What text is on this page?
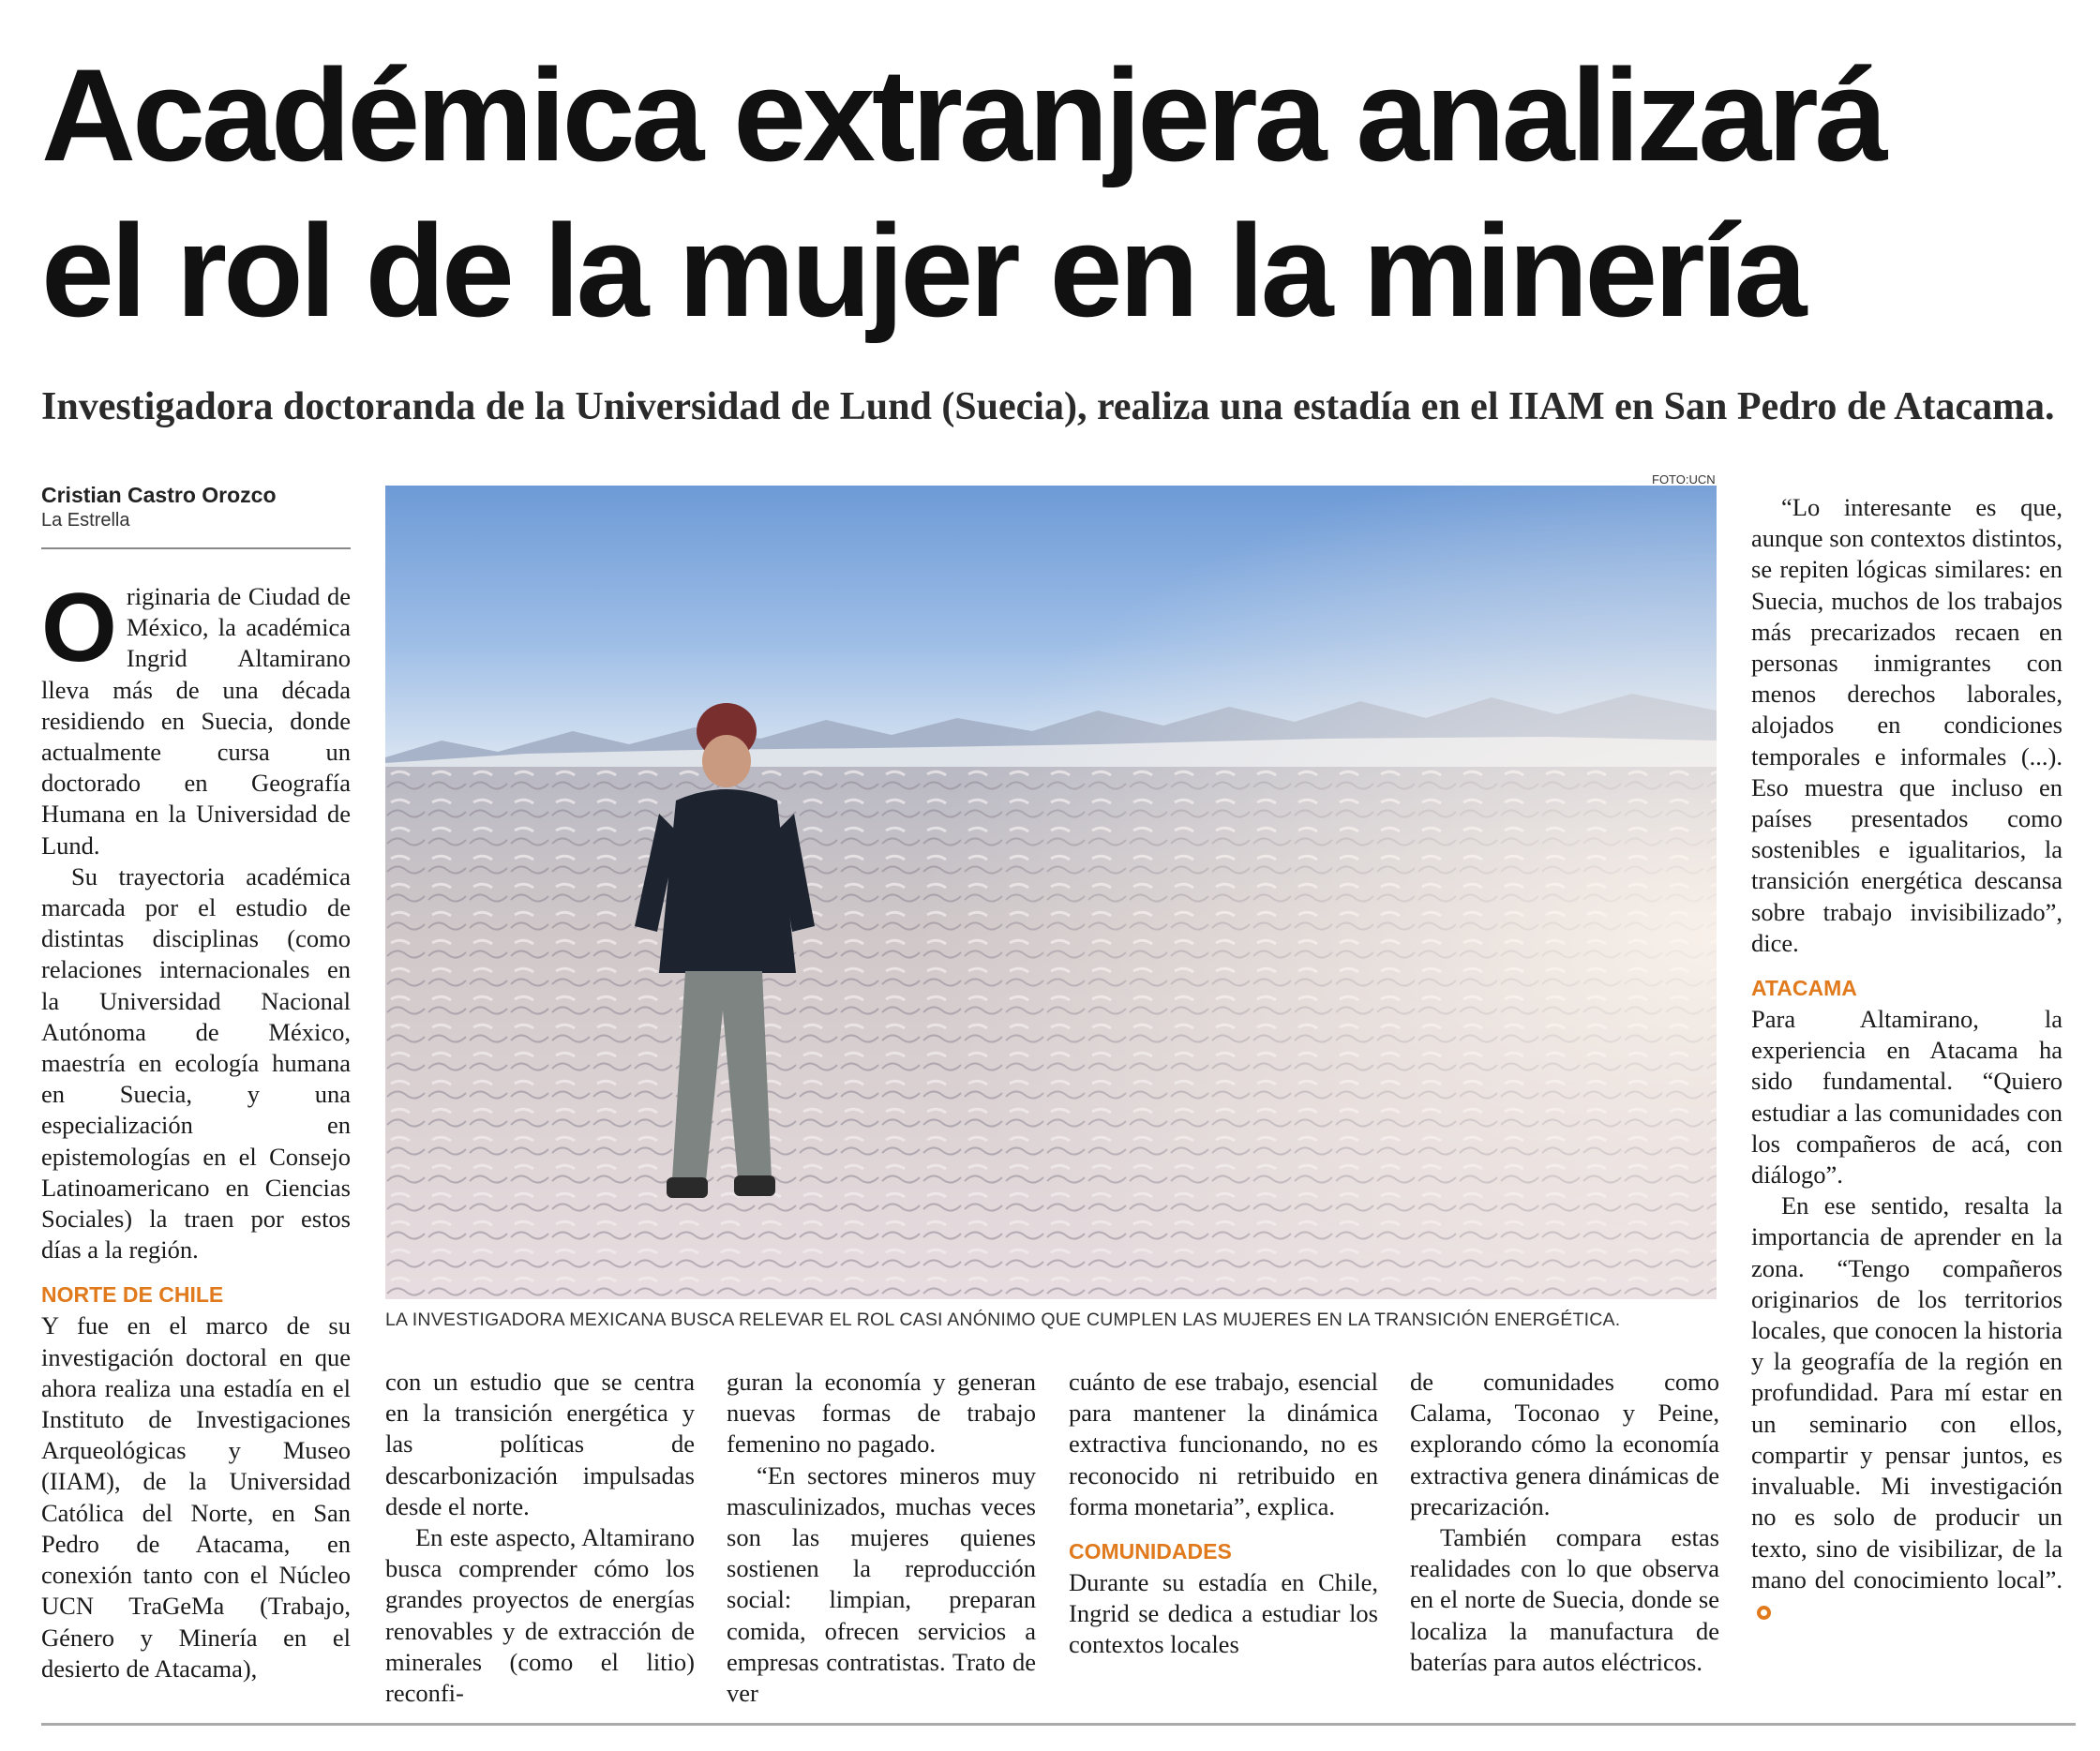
Académica extranjera analizará
el rol de la mujer en la minería
Investigadora doctoranda de la Universidad de Lund (Suecia), realiza una estadía en el IIAM en San Pedro de Atacama.
Cristian Castro Orozco
La Estrella

Originaria de Ciudad de México, la académica Ingrid Altamirano lleva más de una década residiendo en Suecia, donde actualmente cursa un doctorado en Geografía Humana en la Universidad de Lund.

Su trayectoria académica marcada por el estudio de distintas disciplinas (como relaciones internacionales en la Universidad Nacional Autónoma de México, maestría en ecología humana en Suecia, y una especialización en epistemologías en el Consejo Latinoamericano en Ciencias Sociales) la traen por estos días a la región.

NORTE DE CHILE

Y fue en el marco de su investigación doctoral en que ahora realiza una estadía en el Instituto de Investigaciones Arqueológicas y Museo (IIAM), de la Universidad Católica del Norte, en San Pedro de Atacama, en conexión tanto con el Núcleo UCN TraGeMa (Trabajo, Género y Minería en el desierto de Atacama),

con un estudio que se centra en la transición energética y las políticas de descarbonización impulsadas desde el norte.

En este aspecto, Altamirano busca comprender cómo los grandes proyectos de energías renovables y de extracción de minerales (como el litio) reconfi-

guran la economía y generan nuevas formas de trabajo femenino no pagado.

“En sectores mineros muy masculinizados, muchas veces son las mujeres quienes sostienen la reproducción social: limpian, preparan comida, ofrecen servicios a empresas contratistas. Trato de ver

cuánto de ese trabajo, esencial para mantener la dinámica extractiva funcionando, no es reconocido ni retribuido en forma monetaria”, explica.

COMUNIDADES

Durante su estadía en Chile, Ingrid se dedica a estudiar los contextos locales

de comunidades como Calama, Toconao y Peine, explorando cómo la economía extractiva genera dinámicas de precarización.

También compara estas realidades con lo que observa en el norte de Suecia, donde se localiza la manufactura de baterías para autos eléctricos.

“Lo interesante es que, aunque son contextos distintos, se repiten lógicas similares: en Suecia, muchos de los trabajos más precarizados recaen en personas inmigrantes con menos derechos laborales, alojados en condiciones temporales e informales (...). Eso muestra que incluso en países presentados como sostenibles e igualitarios, la transición energética descansa sobre trabajo invisibilizado”, dice.

ATACAMA

Para Altamirano, la experiencia en Atacama ha sido fundamental. “Quiero estudiar a las comunidades con los compañeros de acá, con diálogo”.

En ese sentido, resalta la importancia de aprender en la zona. “Tengo compañeros originarios de los territorios locales, que conocen la historia y la geografía de la región en profundidad. Para mí estar en un seminario con ellos, compartir y pensar juntos, es invaluable. Mi investigación no es solo de producir un texto, sino de visibilizar, de la mano del conocimiento local”.

FOTO:UCN
LA INVESTIGADORA MEXICANA BUSCA RELEVAR EL ROL CASI ANÓNIMO QUE CUMPLEN LAS MUJERES EN LA TRANSICIÓN ENERGÉTICA.
